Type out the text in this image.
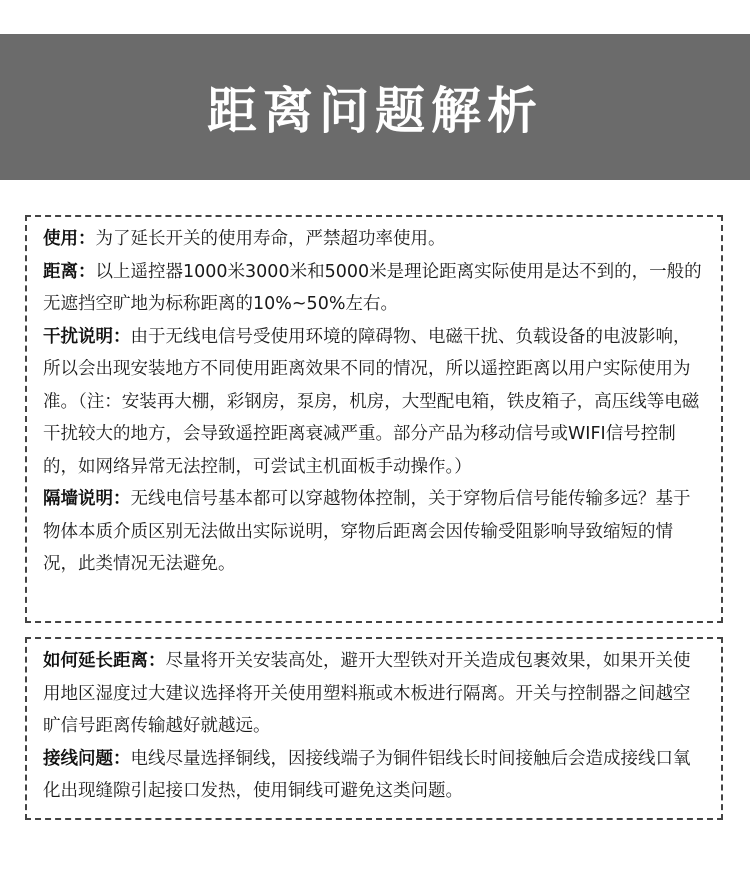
距离问题解析

使用：为了延长开关的使用寿命，严禁超功率使用。

距离：以上遥控器1000米3000米和5000米是理论距离实际使用是达不到的，一般的无遮挡空旷地为标称距离的10%~50%左右。

干扰说明：由于无线电信号受使用环境的障碍物、电磁干扰、负载设备的电波影响，所以会出现安装地方不同使用距离效果不同的情况，所以遥控距离以用户实际使用为准。（注：安装再大棚，彩钢房，泵房，机房，大型配电箱，铁皮箱子，高压线等电磁干扰较大的地方，会导致遥控距离衰减严重。部分产品为移动信号或WIFI信号控制的，如网络异常无法控制，可尝试主机面板手动操作。）

隔墙说明：无线电信号基本都可以穿越物体控制，关于穿物后信号能传输多远？基于物体本质介质区别无法做出实际说明，穿物后距离会因传输受阻影响导致缩短的情况，此类情况无法避免。

如何延长距离：尽量将开关安装高处，避开大型铁对开关造成包裹效果，如果开关使用地区湿度过大建议选择将开关使用塑料瓶或木板进行隔离。开关与控制器之间越空旷信号距离传输越好就越远。

接线问题：电线尽量选择铜线，因接线端子为铜件铝线长时间接触后会造成接线口氧化出现缝隙引起接口发热，使用铜线可避免这类问题。
